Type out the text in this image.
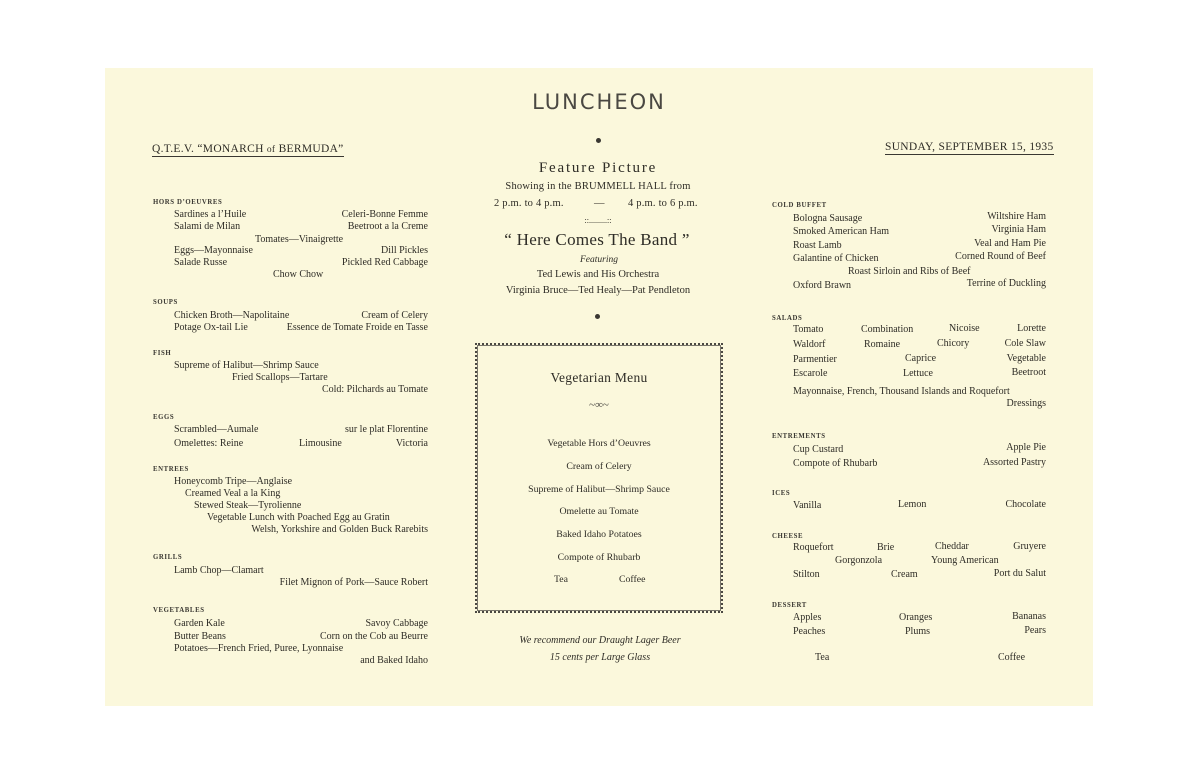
LUNCHEON
Q.T.E.V. “MONARCH of BERMUDA”	SUNDAY, SEPTEMBER 15, 1935
Feature Picture
Showing in the BRUMMELL HALL from
2 p.m. to 4 p.m.	— 4 p.m. to 6 p.m.
::.........::
“ Here Comes The Band ”
Featuring
Ted Lewis and His Orchestra
Virginia Bruce—Ted Healy—Pat Pendleton
Vegetarian Menu
~∞~
Vegetable Hors d’Oeuvres
Cream of Celery
Supreme of Halibut—Shrimp Sauce
Omelette au Tomate
Baked Idaho Potatoes
Compote of Rhubarb
Tea	Coffee
We recommend our Draught Lager Beer
15 cents per Large Glass
HORS D’OEUVRES
Sardines a l’Huile	Celeri-Bonne Femme
Salami de Milan	Beetroot a la Creme
Tomates—Vinaigrette
Eggs—Mayonnaise	Dill Pickles
Salade Russe	Pickled Red Cabbage
Chow Chow
SOUPS
Chicken Broth—Napolitaine	Cream of Celery
Potage Ox-tail Lie	Essence de Tomate Froide en Tasse
FISH
Supreme of Halibut—Shrimp Sauce
Fried Scallops—Tartare
Cold: Pilchards au Tomate
EGGS
Scrambled—Aumale	sur le plat Florentine
Omelettes: Reine	Limousine	Victoria
ENTREES
Honeycomb Tripe—Anglaise
Creamed Veal a la King
Stewed Steak—Tyrolienne
Vegetable Lunch with Poached Egg au Gratin
Welsh, Yorkshire and Golden Buck Rarebits
GRILLS
Lamb Chop—Clamart
Filet Mignon of Pork—Sauce Robert
VEGETABLES
Garden Kale	Savoy Cabbage
Butter Beans	Corn on the Cob au Beurre
Potatoes—French Fried, Puree, Lyonnaise
and Baked Idaho
COLD BUFFET
Bologna Sausage	Wiltshire Ham
Smoked American Ham	Virginia Ham
Roast Lamb	Veal and Ham Pie
Galantine of Chicken	Corned Round of Beef
Roast Sirloin and Ribs of Beef
Oxford Brawn	Terrine of Duckling
SALADS
Tomato	Combination	Nicoise	Lorette
Waldorf	Romaine	Chicory	Cole Slaw
Parmentier	Caprice	Vegetable
Escarole	Lettuce	Beetroot
Mayonnaise, French, Thousand Islands and Roquefort
Dressings
ENTREMENTS
Cup Custard	Apple Pie
Compote of Rhubarb	Assorted Pastry
ICES
Vanilla	Lemon	Chocolate
CHEESE
Roquefort	Brie	Cheddar	Gruyere
Gorgonzola	Young American
Stilton	Cream	Port du Salut
DESSERT
Apples	Oranges	Bananas
Peaches	Plums	Pears
Tea	Coffee
